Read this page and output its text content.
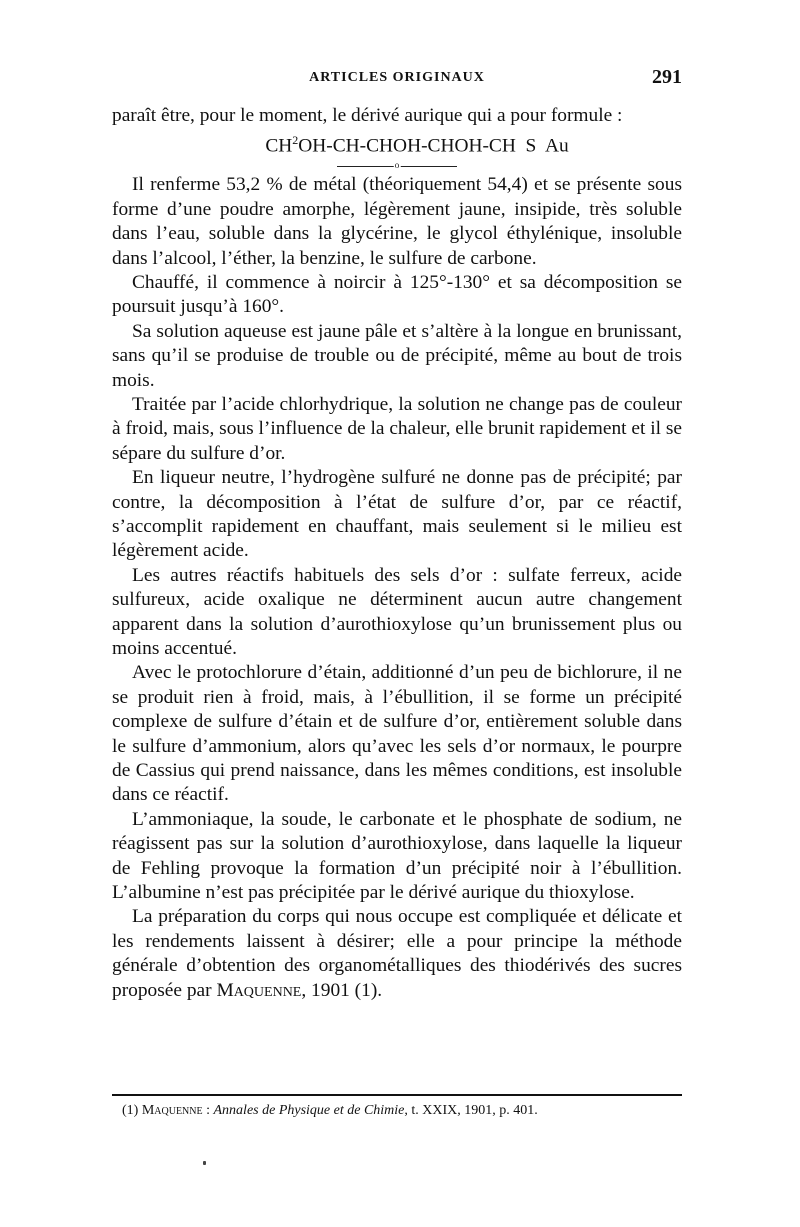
ARTICLES ORIGINAUX	291

paraît être, pour le moment, le dérivé aurique qui a pour formule :

$CH^2OH-CH-CHOH-CHOH-CH$  S  Au

o

Il renferme 53,2 % de métal (théoriquement 54,4) et se présente sous forme d’une poudre amorphe, légèrement jaune, insipide, très soluble dans l’eau, soluble dans la glycérine, le glycol éthylénique, insoluble dans l’alcool, l’éther, la benzine, le sulfure de carbone.

Chauffé, il commence à noircir à 125°-130° et sa décomposition se poursuit jusqu’à 160°.

Sa solution aqueuse est jaune pâle et s’altère à la longue en brunissant, sans qu’il se produise de trouble ou de précipité, même au bout de trois mois.

Traitée par l’acide chlorhydrique, la solution ne change pas de couleur à froid, mais, sous l’influence de la chaleur, elle brunit rapidement et il se sépare du sulfure d’or.

En liqueur neutre, l’hydrogène sulfuré ne donne pas de précipité; par contre, la décomposition à l’état de sulfure d’or, par ce réactif, s’accomplit rapidement en chauffant, mais seulement si le milieu est légèrement acide.

Les autres réactifs habituels des sels d’or : sulfate ferreux, acide sulfureux, acide oxalique ne déterminent aucun autre changement apparent dans la solution d’aurothioxylose qu’un brunissement plus ou moins accentué.

Avec le protochlorure d’étain, additionné d’un peu de bichlorure, il ne se produit rien à froid, mais, à l’ébullition, il se forme un précipité complexe de sulfure d’étain et de sulfure d’or, entièrement soluble dans le sulfure d’ammonium, alors qu’avec les sels d’or normaux, le pourpre de Cassius qui prend naissance, dans les mêmes conditions, est insoluble dans ce réactif.

L’ammoniaque, la soude, le carbonate et le phosphate de sodium, ne réagissent pas sur la solution d’aurothioxylose, dans laquelle la liqueur de Fehling provoque la formation d’un précipité noir à l’ébullition. L’albumine n’est pas précipitée par le dérivé aurique du thioxylose.

La préparation du corps qui nous occupe est compliquée et délicate et les rendements laissent à désirer; elle a pour principe la méthode générale d’obtention des organométalliques des thiodérivés des sucres proposée par Maquenne, 1901 (1).

(1) Maquenne : Annales de Physique et de Chimie, t. XXIX, 1901, p. 401.
